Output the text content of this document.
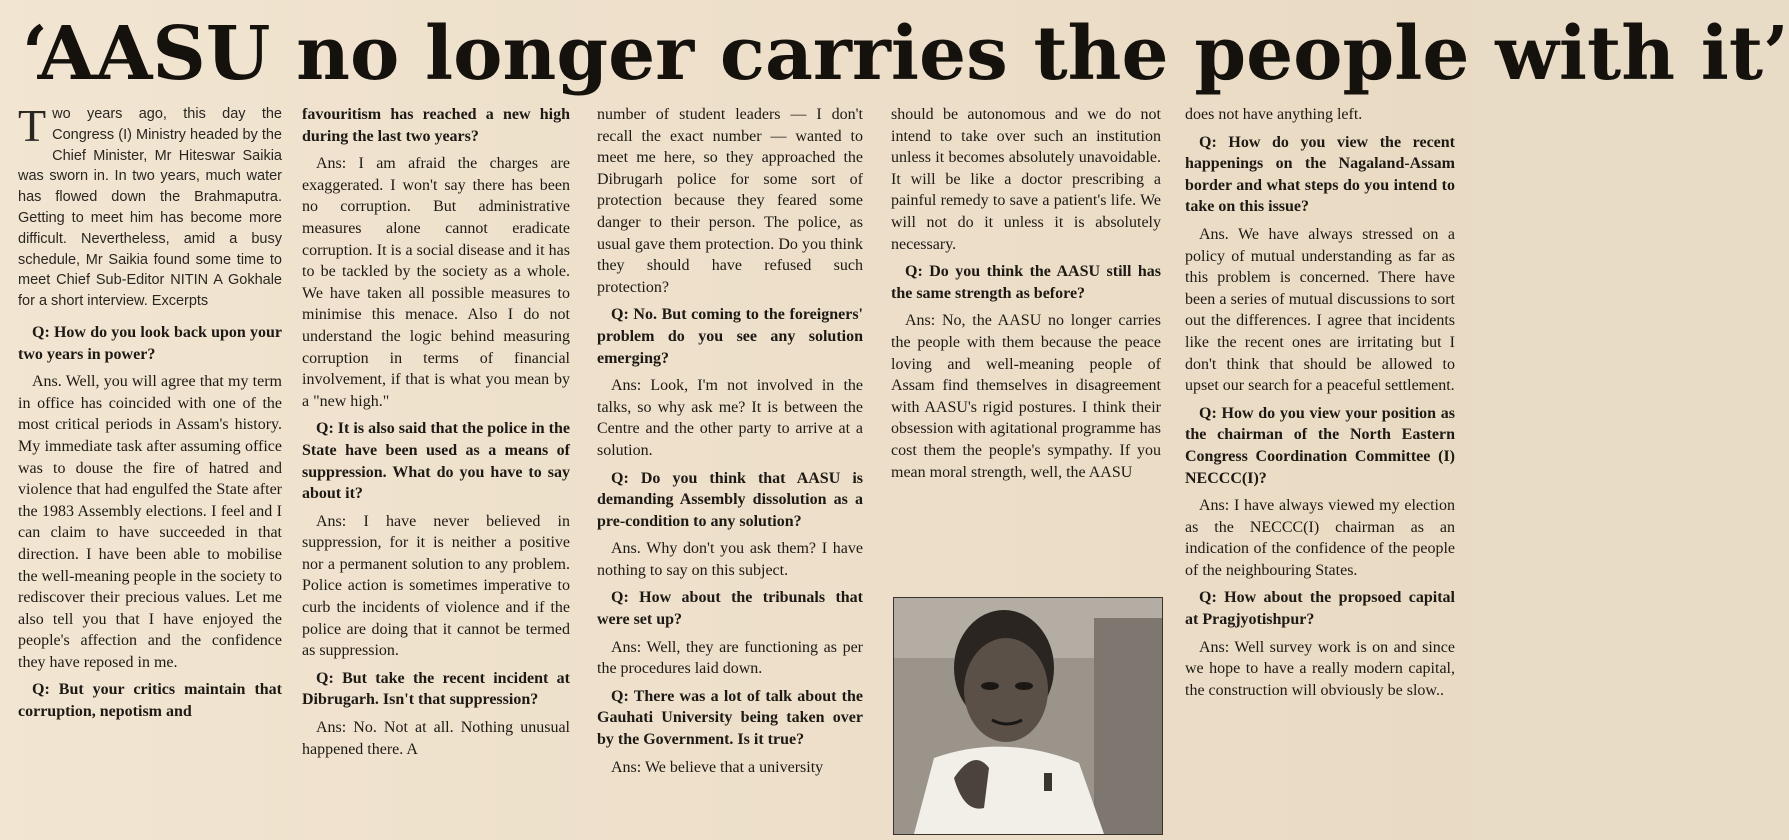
‘AASU no longer carries the people with it’

Two years ago, this day the Congress (I) Ministry headed by the Chief Minister, Mr Hiteswar Saikia was sworn in. In two years, much water has flowed down the Brahmaputra. Getting to meet him has become more difficult. Nevertheless, amid a busy schedule, Mr Saikia found some time to meet Chief Sub-Editor NITIN A Gokhale for a short interview. Excerpts

Q: How do you look back upon your two years in power?

Ans. Well, you will agree that my term in office has coincided with one of the most critical periods in Assam's history. My immediate task after assuming office was to douse the fire of hatred and violence that had engulfed the State after the 1983 Assembly elections. I feel and I can claim to have succeeded in that direction. I have been able to mobilise the well-meaning people in the society to rediscover their precious values. Let me also tell you that I have enjoyed the people's affection and the confidence they have reposed in me.

Q: But your critics maintain that corruption, nepotism and

favouritism has reached a new high during the last two years?

Ans: I am afraid the charges are exaggerated. I won't say there has been no corruption. But administrative measures alone cannot eradicate corruption. It is a social disease and it has to be tackled by the society as a whole. We have taken all possible measures to minimise this menace. Also I do not understand the logic behind measuring corruption in terms of financial involvement, if that is what you mean by a "new high."

Q: It is also said that the police in the State have been used as a means of suppression. What do you have to say about it?

Ans: I have never believed in suppression, for it is neither a positive nor a permanent solution to any problem. Police action is sometimes imperative to curb the incidents of violence and if the police are doing that it cannot be termed as suppression.

Q: But take the recent incident at Dibrugarh. Isn't that suppression?

Ans: No. Not at all. Nothing unusual happened there. A

number of student leaders — I don't recall the exact number — wanted to meet me here, so they approached the Dibrugarh police for some sort of protection because they feared some danger to their person. The police, as usual gave them protection. Do you think they should have refused such protection?

Q: No. But coming to the foreigners' problem do you see any solution emerging?

Ans: Look, I'm not involved in the talks, so why ask me? It is between the Centre and the other party to arrive at a solution.

Q: Do you think that AASU is demanding Assembly dissolution as a pre-condition to any solution?

Ans. Why don't you ask them? I have nothing to say on this subject.

Q: How about the tribunals that were set up?

Ans: Well, they are functioning as per the procedures laid down.

Q: There was a lot of talk about the Gauhati University being taken over by the Government. Is it true?

Ans: We believe that a university

should be autonomous and we do not intend to take over such an institution unless it becomes absolutely unavoidable. It will be like a doctor prescribing a painful remedy to save a patient's life. We will not do it unless it is absolutely necessary.

Q: Do you think the AASU still has the same strength as before?

Ans: No, the AASU no longer carries the people with them because the peace loving and well-meaning people of Assam find themselves in disagreement with AASU's rigid postures. I think their obsession with agitational programme has cost them the people's sympathy. If you mean moral strength, well, the AASU

does not have anything left.

Q: How do you view the recent happenings on the Nagaland-Assam border and what steps do you intend to take on this issue?

Ans. We have always stressed on a policy of mutual understanding as far as this problem is concerned. There have been a series of mutual discussions to sort out the differences. I agree that incidents like the recent ones are irritating but I don't think that should be allowed to upset our search for a peaceful settlement.

Q: How do you view your position as the chairman of the North Eastern Congress Coordination Committee (I) NECCC(I)?

Ans: I have always viewed my election as the NECCC(I) chairman as an indication of the confidence of the people of the neighbouring States.

Q: How about the propsoed capital at Pragjyotishpur?

Ans: Well survey work is on and since we hope to have a really modern capital, the construction will obviously be slow..
